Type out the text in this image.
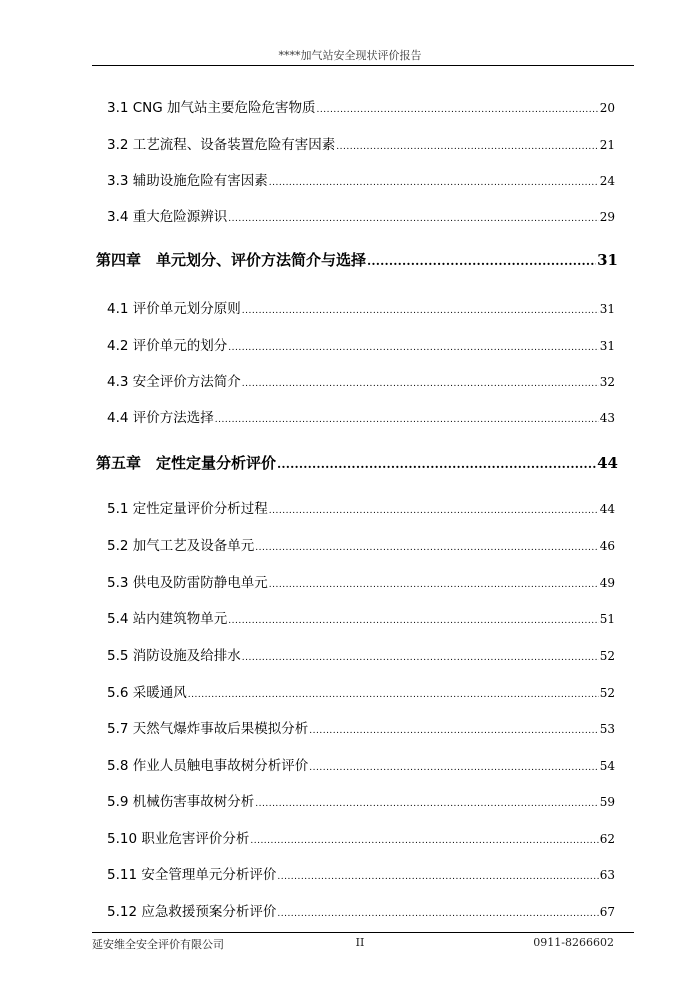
****加气站安全现状评价报告
3.1 CNG 加气站主要危险危害物质 .....	20
3.2 工艺流程、设备装置危险有害因素 .....	21
3.3 辅助设施危险有害因素 .....	24
3.4 重大危险源辨识 .....	29
第四章　单元划分、评价方法简介与选择 .....	31
4.1 评价单元划分原则 .....	31
4.2 评价单元的划分 .....	31
4.3 安全评价方法简介 .....	32
4.4 评价方法选择 .....	43
第五章　定性定量分析评价 .....	44
5.1 定性定量评价分析过程 .....	44
5.2 加气工艺及设备单元 .....	46
5.3 供电及防雷防静电单元 .....	49
5.4 站内建筑物单元 .....	51
5.5 消防设施及给排水 .....	52
5.6 采暖通风 .....	52
5.7 天然气爆炸事故后果模拟分析 .....	53
5.8 作业人员触电事故树分析评价 .....	54
5.9 机械伤害事故树分析 .....	59
5.10 职业危害评价分析 .....	62
5.11 安全管理单元分析评价 .....	63
5.12 应急救援预案分析评价 .....	67
延安维全安全评价有限公司	II	0911-8266602
